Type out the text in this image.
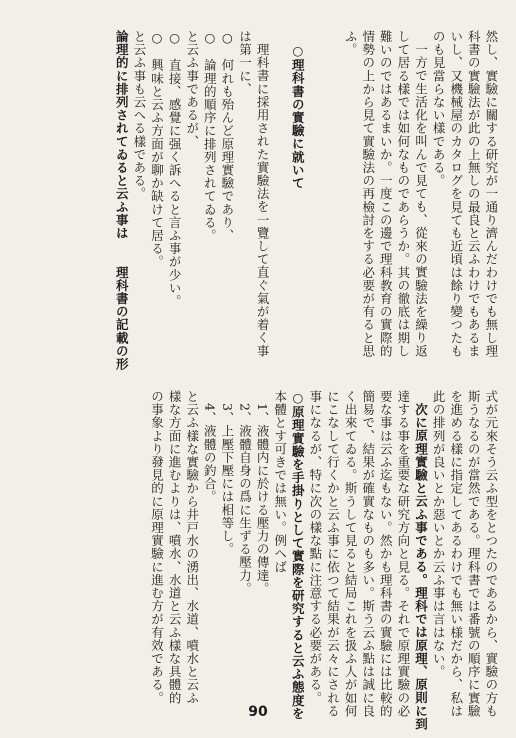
然し、實驗に關する研究が一通り濟んだわけでも無し理
科書の實驗法が此の上無しの最良と云ふわけでもあるま
いし、又機械屋のカタログを見ても近頃は餘り變つたも
のも見當らない樣である。
一方で生活化を叫んで見ても、從來の實驗法を繰り返
して居る樣では如何なものであらうか。其の徹底は期し
難いのではあるまいか。一度この邊で理科教育の實際的
情勢の上から見て實驗法の再檢討をする必要が有ると思
ふ。
○理科書の實驗に就いて
理科書に採用された實驗法を一覽して直ぐ氣が着く事
は第一に、
○　何れも殆んど原理實驗であり、
○　論理的順序に排列されてゐる。
と云ふ事であるが、
○　直接、感覺に强く訴へると言ふ事が少い。
○　興味と云ふ方面が聊か缺けて居る。
と云ふ事も云へる樣である。
論理的に排列されてゐると云ふ事は　　理科書の記載の形
式が元來そう云ふ型をとつたのであるから、實驗の方も
斯うなるのが當然である。理科書では番號の順序に實驗
を進める樣に指定してあるわけでも無い様だから、私は
此の排列が良いとか惡いとか云ふ事は言はない。
次に原理實驗と云ふ事である。理科では原理、原則に到
達する事を重要な研究方向と見る。それで原理實驗の必
要な事は云ふ迄もない。然かも理科書の實驗には比較的
簡易で、結果が確實なものも多い。斯う云ふ點は誠に良
く出來てゐる。斯うして見ると結局これを扱ふ人が如何
にこなして行くかと云ふ事に依つて結果が云々にされる
事になるが、特に次の樣な點に注意する必要がある。
○原理實驗を手掛りとして實際を研究すると云ふ態度を
本體とす可きでは無い。例へば
1、液體内に於ける壓力の傳達。
2、液體自身の爲に生ずる壓力。
3、上壓下壓には相等し。
4、液體の釣合。
と云ふ樣な實驗から井戸水の湧出、水道、噴水と云ふ
樣な方面に進むよりは、噴水、水道と云ふ樣な具體的
の事象より發見的に原理實驗に進む方が有效である。
90
